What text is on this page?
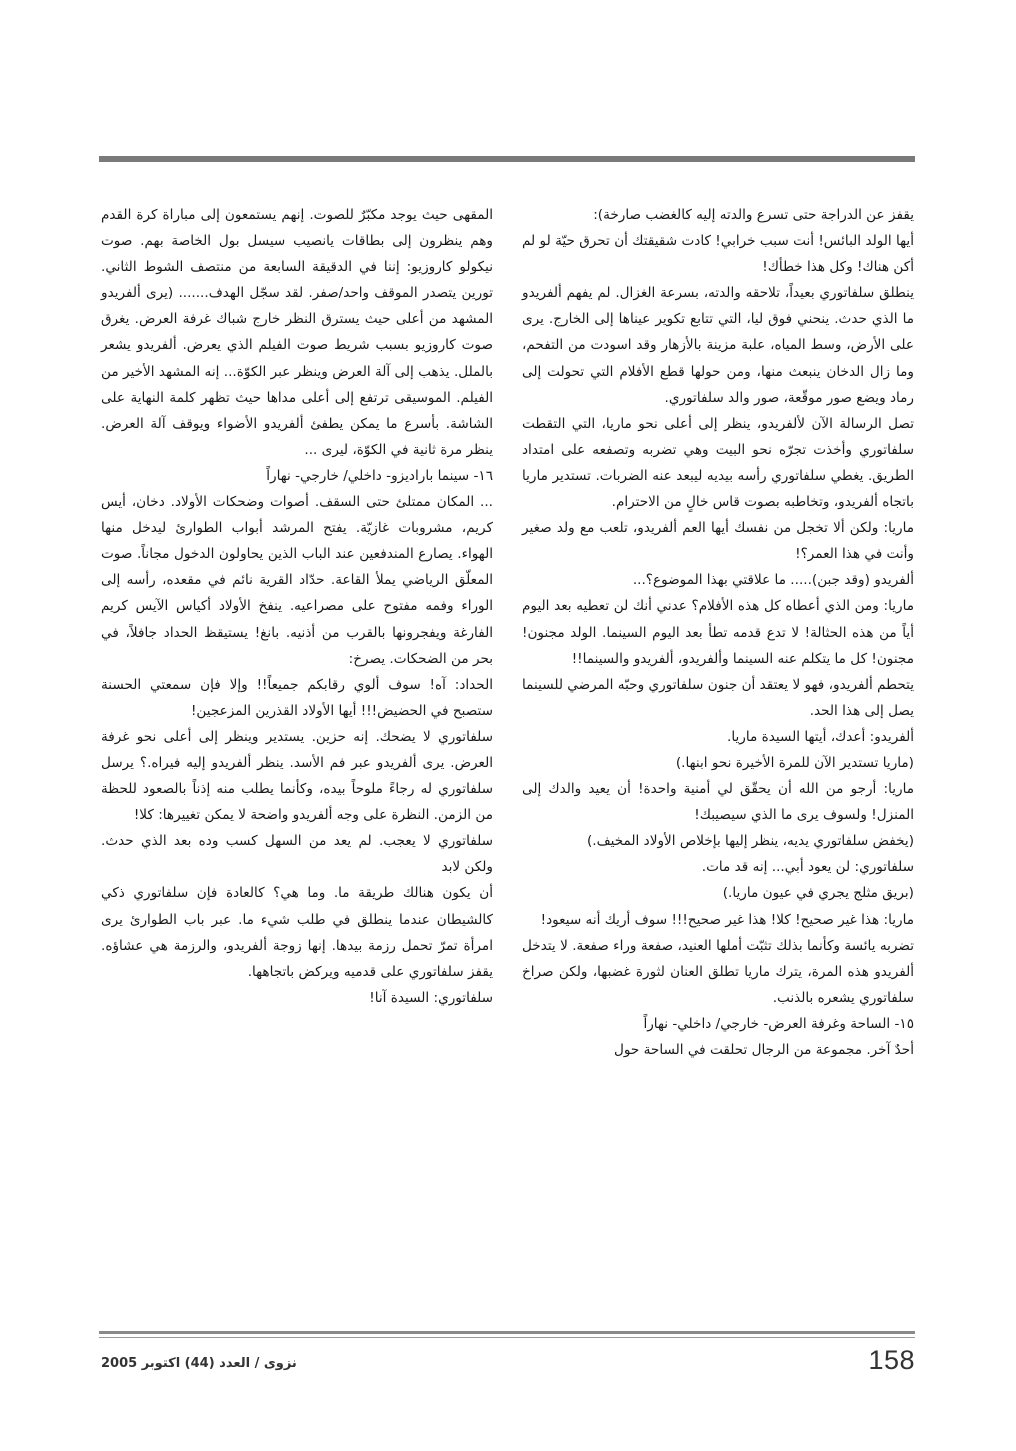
يقفز عن الدراجة حتى تسرع والدته إليه كالغضب صارخة):

أيها الولد البائس! أنت سبب خرابي! كادت شقيقتك أن تحرق حيّة لو لم أكن هناك! وكل هذا خطأك!

ينطلق سلفاتوري بعيداً، تلاحقه والدته، بسرعة الغزال. لم يفهم ألفريدو ما الذي حدث. ينحني فوق ليا، التي تتابع تكوير عيناها إلى الخارج. يرى على الأرض، وسط المياه، علبة مزينة بالأزهار وقد اسودت من التفحم، وما زال الدخان ينبعث منها، ومن حولها قطع الأفلام التي تحولت إلى رماد ويضع صور موقّعة، صور والد سلفاتوري.

تصل الرسالة الآن لألفريدو، ينظر إلى أعلى نحو ماريا، التي التقطت سلفاتوري وأخذت تجرّه نحو البيت وهي تضربه وتصفعه على امتداد الطريق. يغطي سلفاتوري رأسه بيديه ليبعد عنه الضربات. تستدير ماريا باتجاه ألفريدو، وتخاطبه بصوت قاس خالٍ من الاحترام.

ماريا: ولكن ألا تخجل من نفسك أيها العم ألفريدو، تلعب مع ولد صغير وأنت في هذا العمر؟!

ألفريدو (وقد جبن)..... ما علاقتي بهذا الموضوع؟...

ماريا: ومن الذي أعطاه كل هذه الأفلام؟ عدني أنك لن تعطيه بعد اليوم أياً من هذه الحثالة! لا تدع قدمه تطأ بعد اليوم السينما. الولد مجنون! مجنون! كل ما يتكلم عنه السينما وألفريدو، ألفريدو والسينما!!

يتحطم ألفريدو، فهو لا يعتقد أن جنون سلفاتوري وحبّه المرضي للسينما يصل إلى هذا الحد.

ألفريدو: أعدك، أيتها السيدة ماريا.

(ماريا تستدير الآن للمرة الأخيرة نحو ابنها.)

ماريا: أرجو من الله أن يحقّق لي أمنية واحدة! أن يعيد والدك إلى المنزل! ولسوف يرى ما الذي سيصيبك!

(يخفض سلفاتوري يديه، ينظر إليها بإخلاص الأولاد المخيف.)

سلفاتوري: لن يعود أبي... إنه قد مات.

(بريق مثلج يجري في عيون ماريا.)

ماريا: هذا غير صحيح! كلا! هذا غير صحيح!!! سوف أريك أنه سيعود!

تضربه يائسة وكأنما بذلك تثبّت أملها العنيد، صفعة وراء صفعة. لا يتدخل ألفريدو هذه المرة، يترك ماريا تطلق العنان لثورة غضبها، ولكن صراخ سلفاتوري يشعره بالذنب.

١٥- الساحة وغرفة العرض- خارجي/ داخلي- نهاراً

أحدٌ آخر. مجموعة من الرجال تحلقت في الساحة حول

المقهى حيث يوجد مكبّرٌ للصوت. إنهم يستمعون إلى مباراة كرة القدم وهم ينظرون إلى بطاقات يانصيب سيسل بول الخاصة بهم. صوت نيكولو كاروزيو: إننا في الدقيقة السابعة من منتصف الشوط الثاني. تورين يتصدر الموقف واحد/صفر. لقد سجّل الهدف....... (يرى ألفريدو المشهد من أعلى حيث يسترق النظر خارج شباك غرفة العرض. يغرق صوت كاروزيو بسبب شريط صوت الفيلم الذي يعرض. ألفريدو يشعر بالملل. يذهب إلى آلة العرض وينظر عبر الكوّة... إنه المشهد الأخير من الفيلم. الموسيقى ترتفع إلى أعلى مداها حيث تظهر كلمة النهاية على الشاشة. بأسرع ما يمكن يطفئ ألفريدو الأضواء ويوقف آلة العرض. ينظر مرة ثانية في الكوّة، ليرى ...

١٦- سينما باراديزو- داخلي/ خارجي- نهاراً

... المكان ممتلئ حتى السقف. أصوات وضحكات الأولاد. دخان، أيس كريم، مشروبات غازيّة. يفتح المرشد أبواب الطوارئ ليدخل منها الهواء. يصارع المندفعين عند الباب الذين يحاولون الدخول مجاناً. صوت المعلّق الرياضي يملأ القاعة. حدّاد القرية نائم في مقعده، رأسه إلى الوراء وفمه مفتوح على مصراعيه. ينفخ الأولاد أكياس الآيس كريم الفارغة ويفجرونها بالقرب من أذنيه. بانغ! يستيقظ الحداد جافلاً، في بحر من الضحكات. يصرخ:

الحداد: آه! سوف ألوي رقابكم جميعاً!! وإلا فإن سمعتي الحسنة ستصبح في الحضيض!!! أيها الأولاد القذرين المزعجين!

سلفاتوري لا يضحك. إنه حزين. يستدير وينظر إلى أعلى نحو غرفة العرض. يرى ألفريدو عبر فم الأسد. ينظر ألفريدو إليه فيراه.؟ يرسل سلفاتوري له رجاءً ملوحاً بيده، وكأنما يطلب منه إذناً بالصعود للحظة من الزمن. النظرة على وجه ألفريدو واضحة لا يمكن تغييرها: كلا!

سلفاتوري لا يعجب. لم يعد من السهل كسب وده بعد الذي حدث. ولكن لابد

أن يكون هنالك طريقة ما. وما هي؟ كالعادة فإن سلفاتوري ذكي كالشيطان عندما ينطلق في طلب شيء ما. عبر باب الطوارئ يرى امرأة تمرّ تحمل رزمة بيدها. إنها زوجة ألفريدو، والرزمة هي عشاؤه. يقفز سلفاتوري على قدميه ويركض باتجاهها.

سلفاتوري: السيدة آنا!

158
نزوى / العدد (44) اكتوبر 2005
